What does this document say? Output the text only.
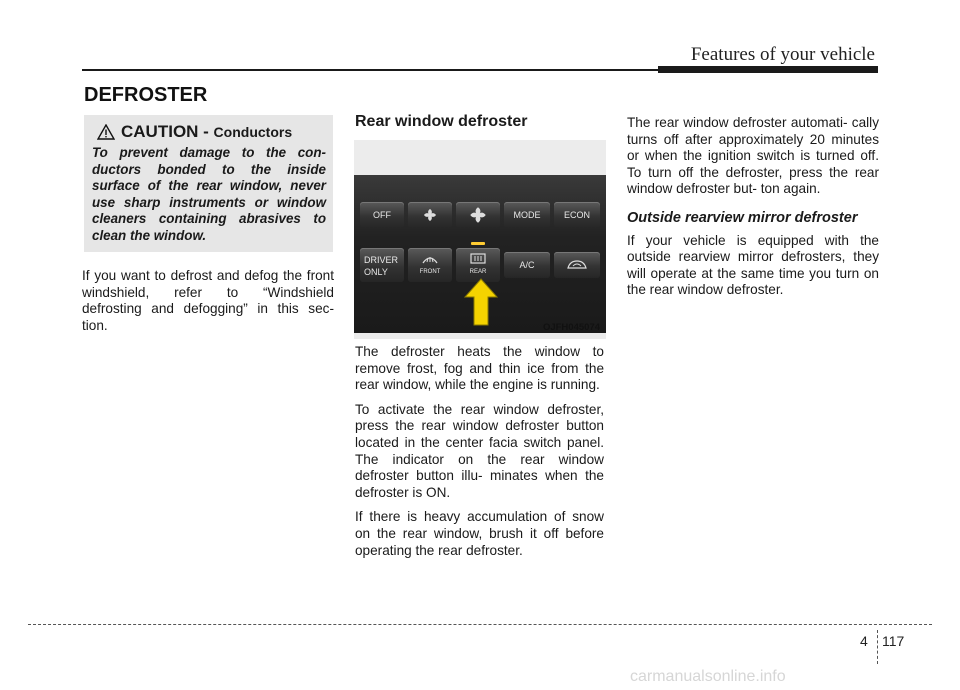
Features of your vehicle
DEFROSTER
CAUTION - Conductors
To prevent damage to the con- ductors bonded to the inside surface of the rear window, never use sharp instruments or window cleaners containing abrasives to clean the window.

If you want to defrost and defog the front windshield, refer to “Windshield defrosting and defogging” in this sec- tion.

Rear window defroster
OFF	MODE	ECON
DRIVER
ONLY	FRONT	REAR
A/C
OJFH045074

The defroster heats the window to remove frost, fog and thin ice from the rear window, while the engine is running.

To activate the rear window defroster, press the rear window defroster button located in the center facia switch panel. The indicator on the rear window defroster button illu- minates when the defroster is ON.

If there is heavy accumulation of snow on the rear window, brush it off before operating the rear defroster.

The rear window defroster automati- cally turns off after approximately 20 minutes or when the ignition switch is turned off. To turn off the defroster, press the rear window defroster but- ton again.

Outside rearview mirror defroster

If your vehicle is equipped with the outside rearview mirror defrosters, they will operate at the same time you turn on the rear window defroster.

4 117
carmanualsonline.info
